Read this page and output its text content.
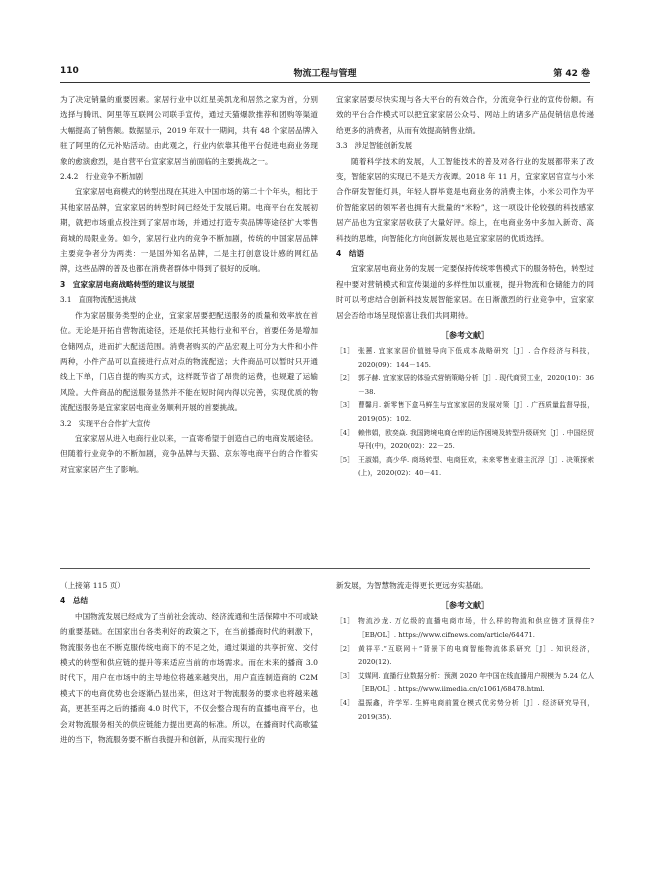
110	物流工程与管理	第 42 卷

为了决定销量的重要因素。家居行业中以红星美凯龙和居然之家为首，分别选择与腾讯、阿里等互联网公司联手宣传，通过天猫爆款推荐和团购等渠道大幅提高了销售额。数据显示，2019 年双十一期间，共有 48 个家居品牌入驻了阿里的亿元补贴活动。由此观之，行业内依靠其他平台促进电商业务现象的愈演愈烈，是自营平台宣家家居当前面临的主要挑战之一。

2.4.2　行业竞争不断加剧

宜家家居电商模式的转型出现在其进入中国市场的第二十个年头，相比于其他家居品牌，宜家家居的转型时间已经处于发展后期。电商平台在发展初期，就把市场重点投注到了家居市场，并通过打造专卖品牌等途径扩大零售商城的局限业务。如今，家居行业内的竞争不断加剧，传统的中国家居品牌主要竞争者分为两类：一是国外知名品牌，二是主打创意设计感的网红品牌，这些品牌的普及也都在消费者群体中得到了很好的反响。

3　宜家家居电商战略转型的建议与展望
3.1　直面物流配送挑战

作为家居服务类型的企业，宜家家居要把配送服务的质量和效率放在首位。无论是开拓自营物流途径，还是依托其他行业和平台，首要任务是增加仓储网点，进而扩大配送范围。消费者购买的产品宏观上可分为大件和小件两种，小件产品可以直接进行点对点的物流配送；大件商品可以暂时只开通线上下单，门店自提的购买方式，这样既节省了昂贵的运费，也规避了运输风险。大件商品的配送服务显然并不能在短时间内得以完善，实现优质的物流配送服务是宜家家居电商业务顺利开展的首要挑战。

3.2　实现平台合作扩大宣传

宜家家居从进入电商行业以来，一直寄希望于创造自己的电商发展途径。但随着行业竞争的不断加剧，竞争品牌与天猫、京东等电商平台的合作着实对宜家家居产生了影响。

宜家家居要尽快实现与各大平台的有效合作，分流竞争行业的宣传份额。有效的平台合作模式可以把宜家家居公众号、网站上的诸多产品促销信息传递给更多的消费者，从而有效提高销售业绩。

3.3　涉足智能创新发展

随着科学技术的发展，人工智能技术的普及对各行业的发展都带来了改变，智能家居的实现已不是天方夜谭。2018 年 11 月，宜家家居官宣与小米合作研发智能灯具，年轻人群毕竟是电商业务的消费主体，小米公司作为平价智能家居的领军者也拥有大批量的“米粉”，这一项设计伦较强的科技感家居产品也为宜家家居收获了大量好评。综上，在电商业务中多加入新奇、高科技的思维，向智能化方向创新发展也是宜家家居的优质选择。

4　结语

宜家家居电商业务的发展一定要保持传统零售模式下的服务特色，转型过程中要对营销模式和宣传渠道的多样性加以重视，提升物流和仓储能力的同时可以考虑结合创新科技发展智能家居。在日渐激烈的行业竞争中，宜家家居会否给市场呈现惊喜让我们共同期待。

［参考文献］
［1］ 张蕙. 宜家家居价值链导向下低成本战略研究［J］. 合作经济与科技，2020(09)：144－145.
［2］ 郭子赫. 宜家家居的体验式营销策略分析［J］. 现代商贸工业，2020(10)：36－38.
［3］ 曹馨月. 新零售下盒马鲜生与宜家家居的发展对策［J］. 广西质量监督导报，2019(05)：102.
［4］ 赖伟娟，欧奕焱. 我国跨境电商仓库的运作困境及转型升级研究［J］. 中国经贸导刊(中)，2020(02)：22－25.
［5］ 王淑娟，高少华. 商场转型、电商狂欢，未来零售业谁主沉浮［J］. 决策探索(上)，2020(02)：40－41.

（上接第 115 页）

4　总结

中国物流发展已经成为了当前社会流动、经济流通和生活保障中不可或缺的重要基础。在国家出台各类利好的政策之下，在当前播商时代的刺激下，物流服务也在不断克服传统电商下的不足之处，通过渠道的共享折宽、交付模式的转型和供应链的提升等来适应当前的市场需求。而在未来的播商 3.0 时代下，用户在市场中的主导地位将越来越突出，用户直连制造商的 C2M 模式下的电商优势也会逐渐凸显出来，但这对于物流服务的要求也将越来越高，更甚至再之后的播商 4.0 时代下，不仅会整合现有的直播电商平台，也会对物流服务相关的供应链能力提出更高的标准。所以，在播商时代高歌猛进的当下，物流服务要不断自我提升和创新，从而实现行业的

新发展，为智慧物流走得更长更远夯实基础。

［参考文献］
［1］ 物流沙龙. 万亿级的直播电商市场，什么样的物流和供应链才顶得住?［EB/OL］. https://www.cifnews.com/article/64471.
［2］ 黄祥平.“互联网＋”背景下的电商智能物流体系研究［J］. 知识经济，2020(12).
［3］ 艾媒网. 直播行业数据分析：预测 2020 年中国在线直播用户规模为 5.24 亿人［EB/OL］. https://www.iimedia.cn/c1061/68478.html.
［4］ 温振鑫，许学军. 生鲜电商前置仓模式优劣势分析［J］. 经济研究导刊，2019(35).
